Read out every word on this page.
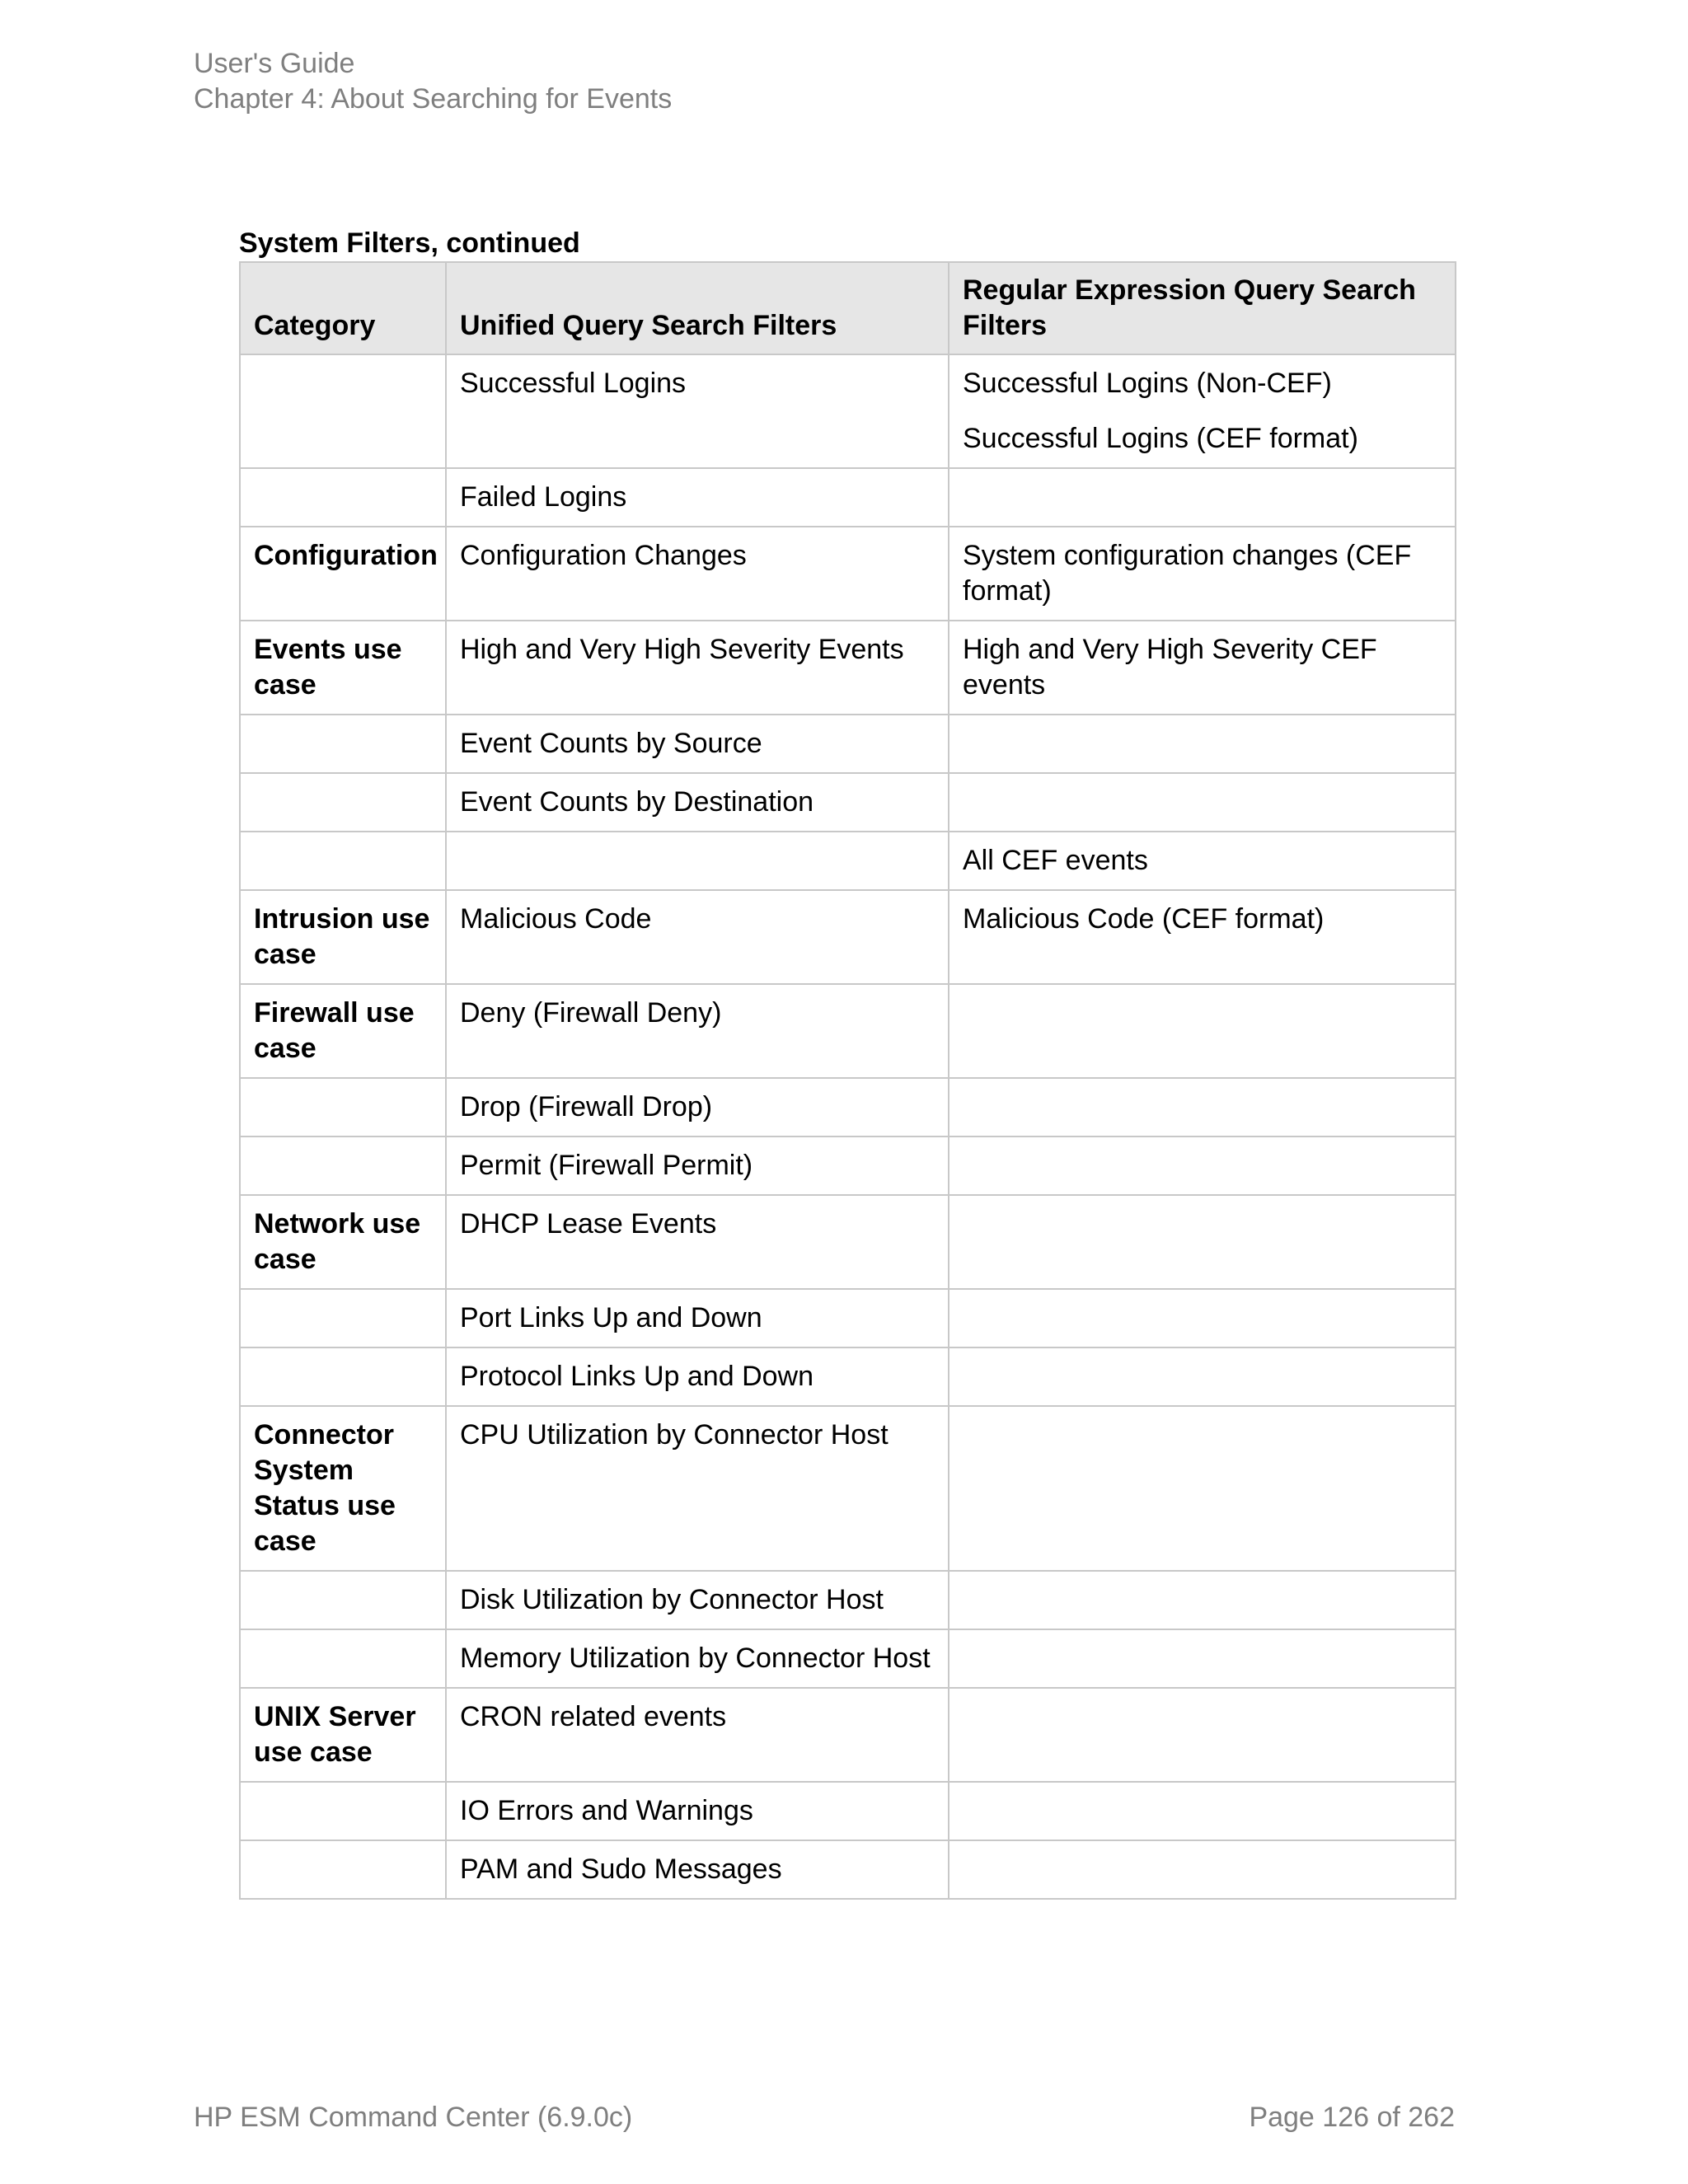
User's Guide
Chapter 4: About Searching for Events
System Filters, continued
Category	Unified Query Search Filters	Regular Expression Query Search Filters

	Successful Logins	Successful Logins (Non-CEF)
Successful Logins (CEF format)

	Failed Logins	

Configuration	Configuration Changes	System configuration changes (CEF format)

Events use case	High and Very High Severity Events	High and Very High Severity CEF events

	Event Counts by Source	

	Event Counts by Destination	

		All CEF events

Intrusion use case	Malicious Code	Malicious Code (CEF format)

Firewall use case	Deny (Firewall Deny)	

	Drop (Firewall Drop)	

	Permit (Firewall Permit)	

Network use case	DHCP Lease Events	

	Port Links Up and Down	

	Protocol Links Up and Down	

Connector System Status use case	CPU Utilization by Connector Host	

	Disk Utilization by Connector Host	

	Memory Utilization by Connector Host	

UNIX Server use case	CRON related events	

	IO Errors and Warnings	

	PAM and Sudo Messages	

HP ESM Command Center (6.9.0c)	Page 126 of 262
